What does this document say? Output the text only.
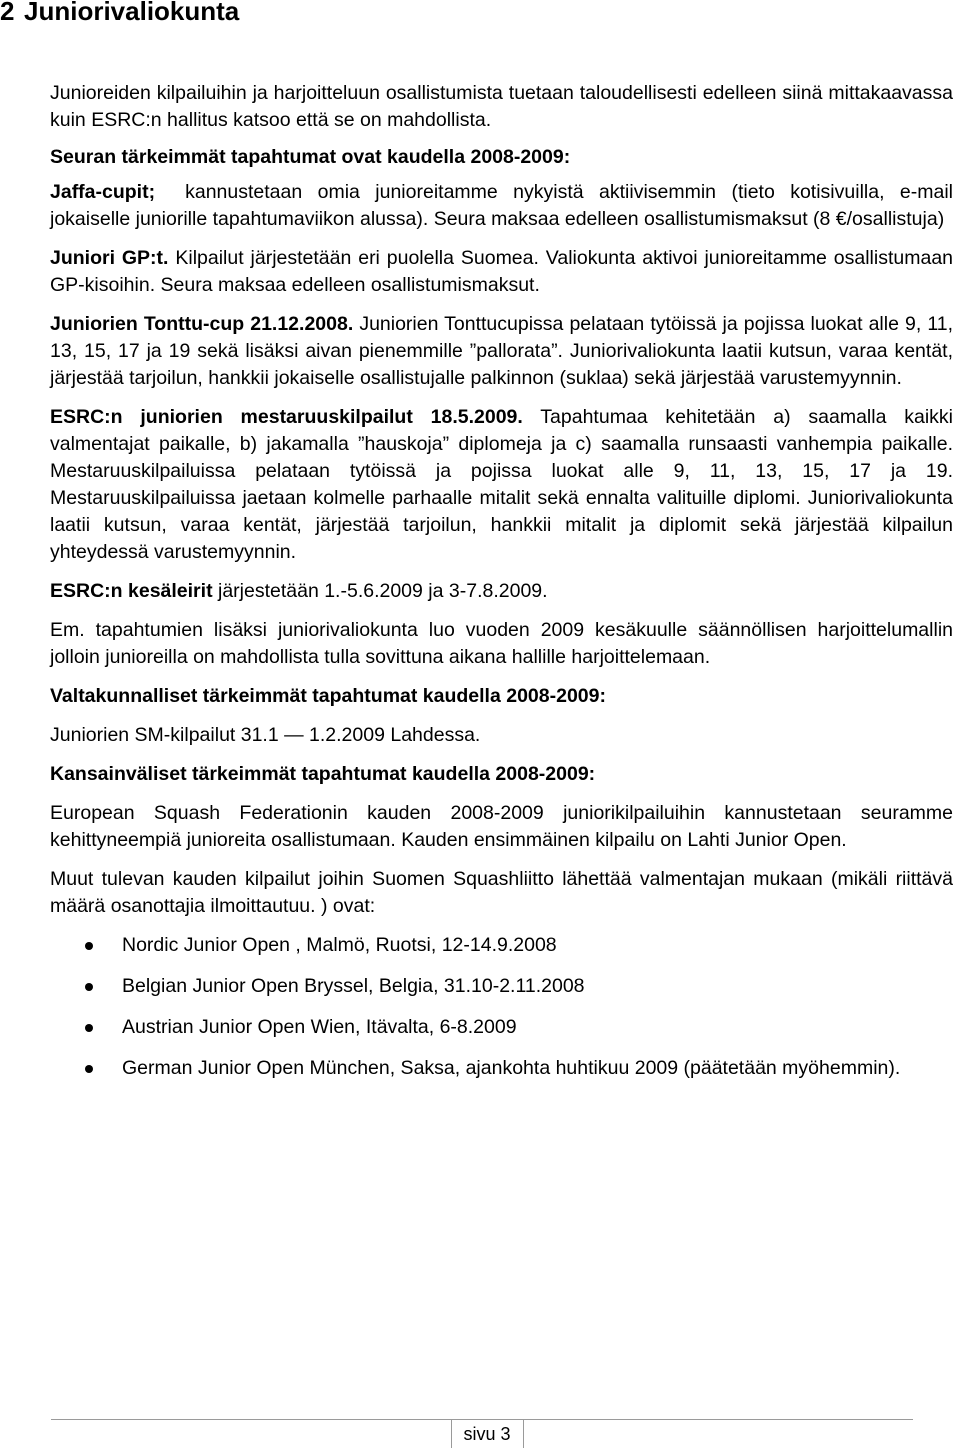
2 Juniorivaliokunta

Junioreiden kilpailuihin ja harjoitteluun osallistumista tuetaan taloudellisesti edelleen siinä mittakaavassa kuin ESRC:n hallitus katsoo että se on mahdollista.

Seuran tärkeimmät tapahtumat ovat kaudella 2008-2009:

Jaffa-cupit; kannustetaan omia junioreitamme nykyistä aktiivisemmin (tieto kotisivuilla, e-mail jokaiselle juniorille tapahtumaviikon alussa). Seura maksaa edelleen osallistumismaksut (8 €/osallistuja)

Juniori GP:t. Kilpailut järjestetään eri puolella Suomea. Valiokunta aktivoi junioreitamme osallistumaan GP-kisoihin. Seura maksaa edelleen osallistumismaksut.

Juniorien Tonttu-cup 21.12.2008. Juniorien Tonttucupissa pelataan tytöissä ja pojissa luokat alle 9, 11, 13, 15, 17 ja 19 sekä lisäksi aivan pienemmille ”pallorata”. Juniorivaliokunta laatii kutsun, varaa kentät, järjestää tarjoilun, hankkii jokaiselle osallistujalle palkinnon (suklaa) sekä järjestää varustemyynnin.

ESRC:n juniorien mestaruuskilpailut 18.5.2009. Tapahtumaa kehitetään a) saamalla kaikki valmentajat paikalle, b) jakamalla ”hauskoja” diplomeja ja c) saamalla runsaasti vanhempia paikalle. Mestaruuskilpailuissa pelataan tytöissä ja pojissa luokat alle 9, 11, 13, 15, 17 ja 19. Mestaruuskilpailuissa jaetaan kolmelle parhaalle mitalit sekä ennalta valituille diplomi. Juniorivaliokunta laatii kutsun, varaa kentät, järjestää tarjoilun, hankkii mitalit ja diplomit sekä järjestää kilpailun yhteydessä varustemyynnin.

ESRC:n kesäleirit järjestetään 1.-5.6.2009 ja 3-7.8.2009.

Em. tapahtumien lisäksi juniorivaliokunta luo vuoden 2009 kesäkuulle säännöllisen harjoittelumallin jolloin junioreilla on mahdollista tulla sovittuna aikana hallille harjoittelemaan.

Valtakunnalliset tärkeimmät tapahtumat kaudella 2008-2009:

Juniorien SM-kilpailut 31.1 — 1.2.2009 Lahdessa.

Kansainväliset tärkeimmät tapahtumat kaudella 2008-2009:

European Squash Federationin kauden 2008-2009 juniorikilpailuihin kannustetaan seuramme kehittyneempiä junioreita osallistumaan. Kauden ensimmäinen kilpailu on Lahti Junior Open.

Muut tulevan kauden kilpailut joihin Suomen Squashliitto lähettää valmentajan mukaan (mikäli riittävä määrä osanottajia ilmoittautuu. ) ovat:

Nordic Junior Open , Malmö, Ruotsi, 12-14.9.2008
Belgian Junior Open Bryssel, Belgia, 31.10-2.11.2008
Austrian Junior Open Wien, Itävalta, 6-8.2009
German Junior Open München, Saksa, ajankohta huhtikuu 2009 (päätetään myöhemmin).
sivu 3
